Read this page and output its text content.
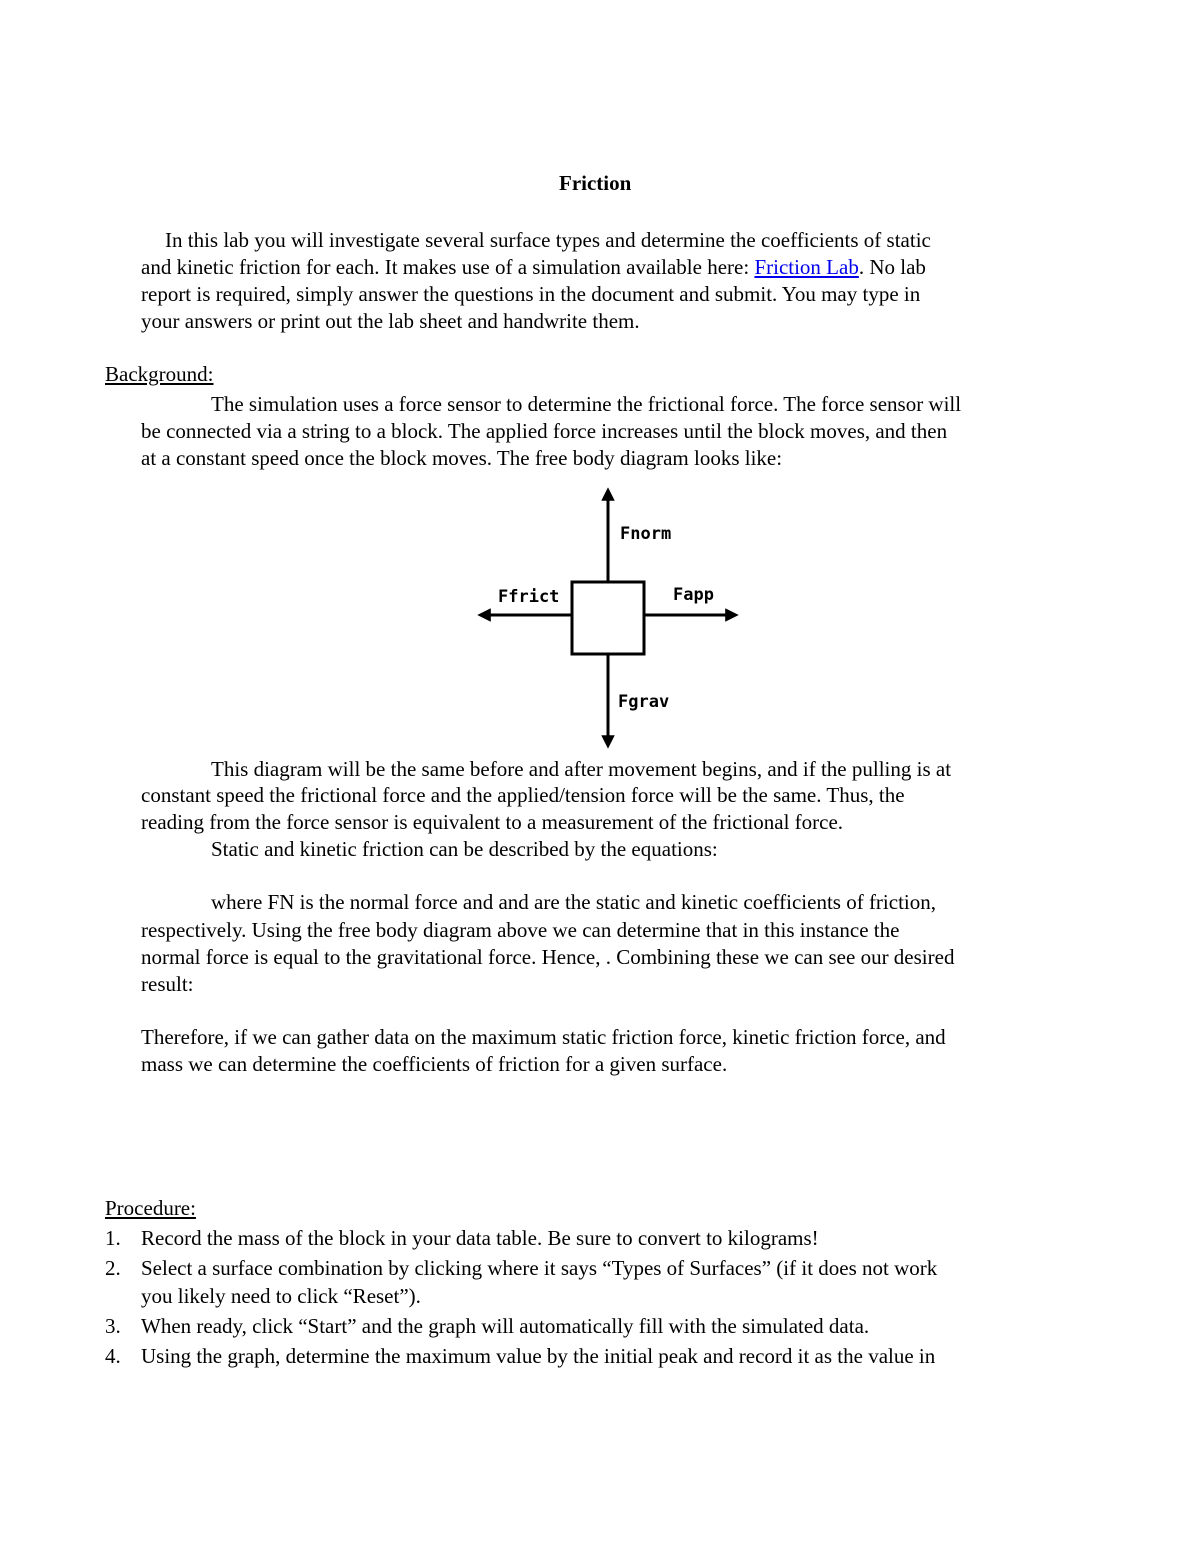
Friction
In this lab you will investigate several surface types and determine the coefficients of static
and kinetic friction for each. It makes use of a simulation available here: Friction Lab. No lab
report is required, simply answer the questions in the document and submit. You may type in
your answers or print out the lab sheet and handwrite them.
Background:
The simulation uses a force sensor to determine the frictional force. The force sensor will
be connected via a string to a block. The applied force increases until the block moves, and then
at a constant speed once the block moves. The free body diagram looks like:
Fnorm
Ffrict	Fapp
Fgrav
This diagram will be the same before and after movement begins, and if the pulling is at
constant speed the frictional force and the applied/tension force will be the same. Thus, the
reading from the force sensor is equivalent to a measurement of the frictional force.
Static and kinetic friction can be described by the equations:
where FN is the normal force and and are the static and kinetic coefficients of friction,
respectively. Using the free body diagram above we can determine that in this instance the
normal force is equal to the gravitational force. Hence, . Combining these we can see our desired
result:
Therefore, if we can gather data on the maximum static friction force, kinetic friction force, and
mass we can determine the coefficients of friction for a given surface.
Procedure:
1. Record the mass of the block in your data table. Be sure to convert to kilograms!
2. Select a surface combination by clicking where it says “Types of Surfaces” (if it does not work
you likely need to click “Reset”).
3. When ready, click “Start” and the graph will automatically fill with the simulated data.
4. Using the graph, determine the maximum value by the initial peak and record it as the value in
